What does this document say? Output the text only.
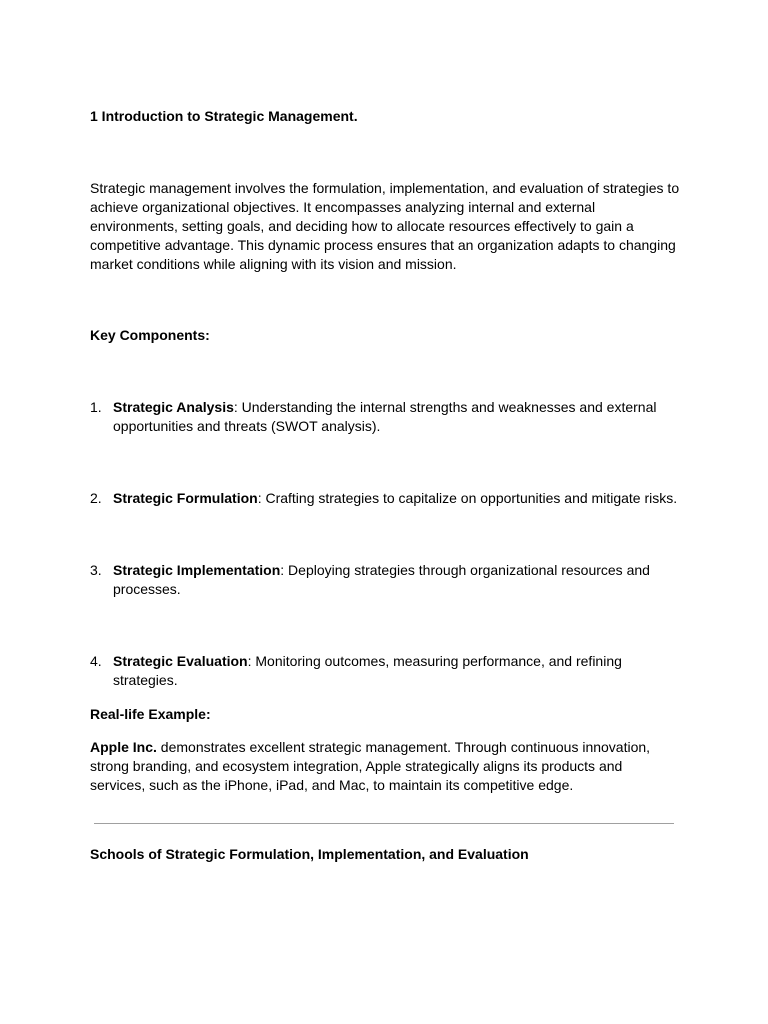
1 Introduction to Strategic Management.

Strategic management involves the formulation, implementation, and evaluation of strategies to achieve organizational objectives. It encompasses analyzing internal and external environments, setting goals, and deciding how to allocate resources effectively to gain a competitive advantage. This dynamic process ensures that an organization adapts to changing market conditions while aligning with its vision and mission.

Key Components:

1. Strategic Analysis: Understanding the internal strengths and weaknesses and external opportunities and threats (SWOT analysis).
2. Strategic Formulation: Crafting strategies to capitalize on opportunities and mitigate risks.
3. Strategic Implementation: Deploying strategies through organizational resources and processes.
4. Strategic Evaluation: Monitoring outcomes, measuring performance, and refining strategies.

Real-life Example:

Apple Inc. demonstrates excellent strategic management. Through continuous innovation, strong branding, and ecosystem integration, Apple strategically aligns its products and services, such as the iPhone, iPad, and Mac, to maintain its competitive edge.

Schools of Strategic Formulation, Implementation, and Evaluation
